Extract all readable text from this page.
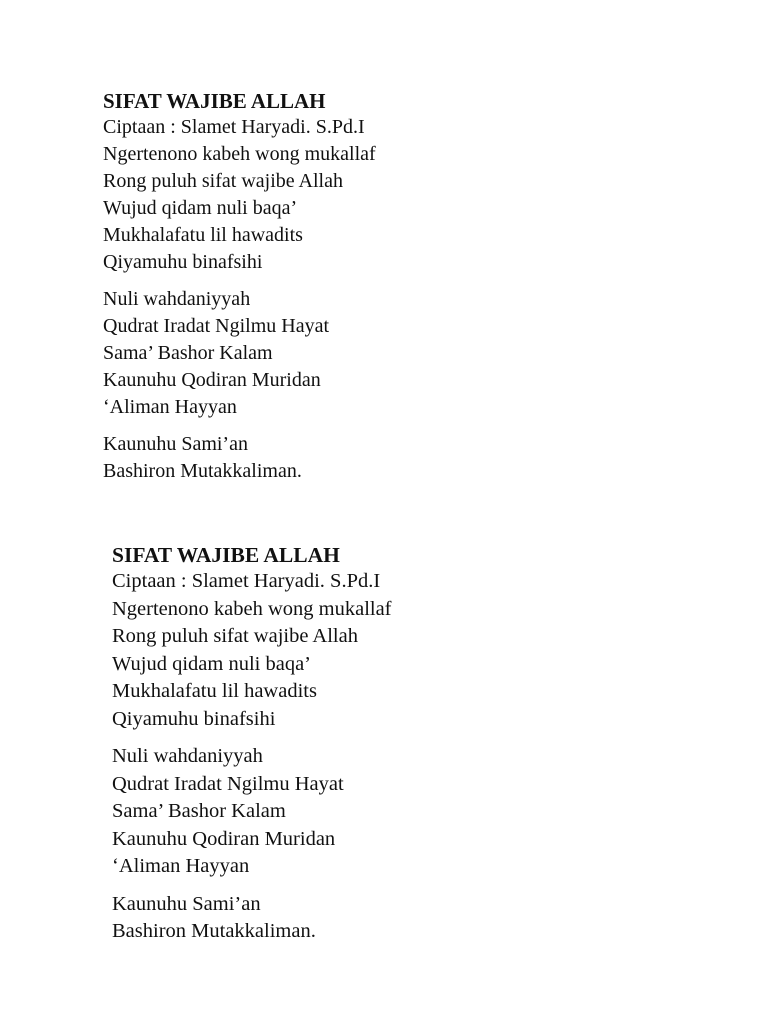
SIFAT WAJIBE ALLAH

Ciptaan : Slamet Haryadi. S.Pd.I

Ngertenono kabeh wong mukallaf

Rong puluh sifat wajibe Allah

Wujud qidam nuli baqa’

Mukhalafatu lil hawadits

Qiyamuhu binafsihi

Nuli wahdaniyyah

Qudrat Iradat Ngilmu Hayat

Sama’ Bashor Kalam

Kaunuhu Qodiran Muridan

‘Aliman Hayyan

Kaunuhu Sami’an

Bashiron Mutakkaliman.

SIFAT WAJIBE ALLAH

Ciptaan : Slamet Haryadi. S.Pd.I

Ngertenono kabeh wong mukallaf

Rong puluh sifat wajibe Allah

Wujud qidam nuli baqa’

Mukhalafatu lil hawadits

Qiyamuhu binafsihi

Nuli wahdaniyyah

Qudrat Iradat Ngilmu Hayat

Sama’ Bashor Kalam

Kaunuhu Qodiran Muridan

‘Aliman Hayyan

Kaunuhu Sami’an

Bashiron Mutakkaliman.
